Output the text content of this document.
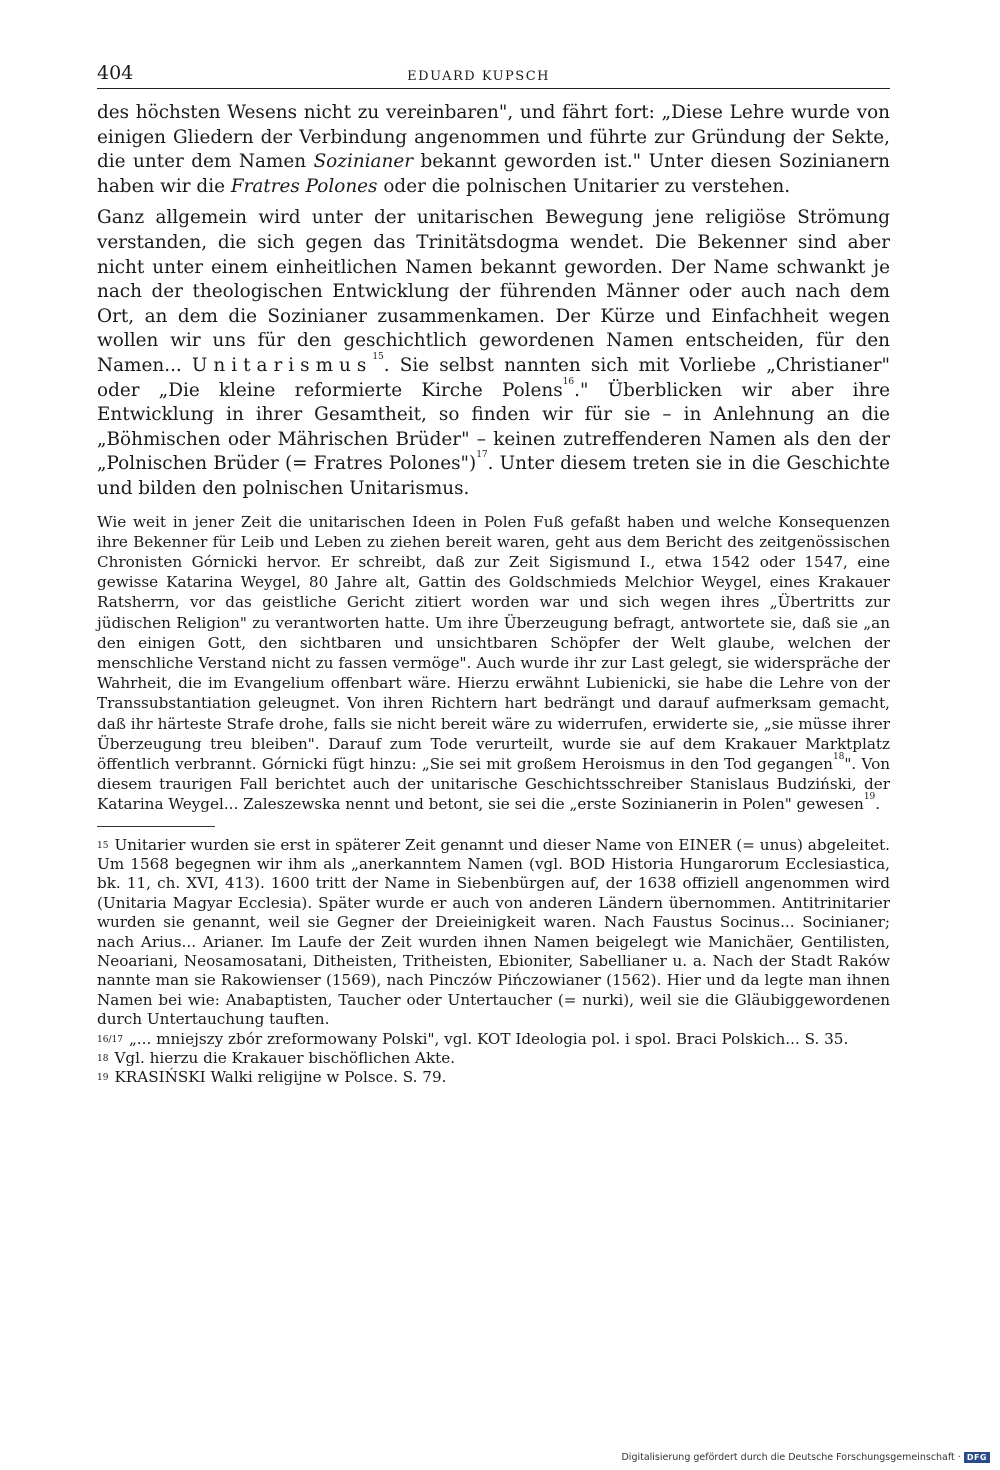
404	EDUARD KUPSCH

des höchsten Wesens nicht zu vereinbaren", und fährt fort: „Diese Lehre wurde von einigen Gliedern der Verbindung angenommen und führte zur Gründung der Sekte, die unter dem Namen Sozinianer bekannt geworden ist." Unter diesen Sozinianern haben wir die Fratres Polones oder die polnischen Unitarier zu verstehen.

Ganz allgemein wird unter der unitarischen Bewegung jene religiöse Strömung verstanden, die sich gegen das Trinitätsdogma wendet. Die Bekenner sind aber nicht unter einem einheitlichen Namen bekannt geworden. Der Name schwankt je nach der theologischen Entwicklung der führenden Männer oder auch nach dem Ort, an dem die Sozinianer zusammenkamen. Der Kürze und Einfachheit wegen wollen wir uns für den geschichtlich gewordenen Namen entscheiden, für den Namen... Unitarismus$^{15}$. Sie selbst nannten sich mit Vorliebe „Christianer" oder „Die kleine reformierte Kirche Polens$^{16}$." Überblicken wir aber ihre Entwicklung in ihrer Gesamtheit, so finden wir für sie – in Anlehnung an die „Böhmischen oder Mährischen Brüder" – keinen zutreffenderen Namen als den der „Polnischen Brüder (= Fratres Polones")$^{17}$. Unter diesem treten sie in die Geschichte und bilden den polnischen Unitarismus.

Wie weit in jener Zeit die unitarischen Ideen in Polen Fuß gefaßt haben und welche Konsequenzen ihre Bekenner für Leib und Leben zu ziehen bereit waren, geht aus dem Bericht des zeitgenössischen Chronisten Górnicki hervor. Er schreibt, daß zur Zeit Sigismund I., etwa 1542 oder 1547, eine gewisse Katarina Weygel, 80 Jahre alt, Gattin des Goldschmieds Melchior Weygel, eines Krakauer Ratsherrn, vor das geistliche Gericht zitiert worden war und sich wegen ihres „Übertritts zur jüdischen Religion" zu verantworten hatte. Um ihre Überzeugung befragt, antwortete sie, daß sie „an den einigen Gott, den sichtbaren und unsichtbaren Schöpfer der Welt glaube, welchen der menschliche Verstand nicht zu fassen vermöge". Auch wurde ihr zur Last gelegt, sie widerspräche der Wahrheit, die im Evangelium offenbart wäre. Hierzu erwähnt Lubienicki, sie habe die Lehre von der Transsubstantiation geleugnet. Von ihren Richtern hart bedrängt und darauf aufmerksam gemacht, daß ihr härteste Strafe drohe, falls sie nicht bereit wäre zu widerrufen, erwiderte sie, „sie müsse ihrer Überzeugung treu bleiben". Darauf zum Tode verurteilt, wurde sie auf dem Krakauer Marktplatz öffentlich verbrannt. Górnicki fügt hinzu: „Sie sei mit großem Heroismus in den Tod gegangen$^{18}$". Von diesem traurigen Fall berichtet auch der unitarische Geschichtsschreiber Stanislaus Budziński, der Katarina Weygel... Zaleszewska nennt und betont, sie sei die „erste Sozinianerin in Polen" gewesen$^{19}$.

$^{15}$ Unitarier wurden sie erst in späterer Zeit genannt und dieser Name von EINER (= unus) abgeleitet. Um 1568 begegnen wir ihm als „anerkanntem Namen (vgl. BOD Historia Hungarorum Ecclesiastica, bk. 11, ch. XVI, 413). 1600 tritt der Name in Siebenbürgen auf, der 1638 offiziell angenommen wird (Unitaria Magyar Ecclesia). Später wurde er auch von anderen Ländern übernommen. Antitrinitarier wurden sie genannt, weil sie Gegner der Dreieinigkeit waren. Nach Faustus Socinus... Socinianer; nach Arius... Arianer. Im Laufe der Zeit wurden ihnen Namen beigelegt wie Manichäer, Gentilisten, Neoariani, Neosamosatani, Ditheisten, Tritheisten, Ebioniter, Sabellianer u. a. Nach der Stadt Raków nannte man sie Rakowienser (1569), nach Pinczów Pińczowianer (1562). Hier und da legte man ihnen Namen bei wie: Anabaptisten, Taucher oder Untertaucher (= nurki), weil sie die Gläubiggewordenen durch Untertauchung tauften.

$^{16/17}$ „... mniejszy zbór zreformowany Polski", vgl. KOT Ideologia pol. i spol. Braci Polskich... S. 35.

$^{18}$ Vgl. hierzu die Krakauer bischöflichen Akte.

$^{19}$ KRASIŃSKI Walki religijne w Polsce. S. 79.

Digitalisierung gefördert durch die Deutsche Forschungsgemeinschaft · DFG
